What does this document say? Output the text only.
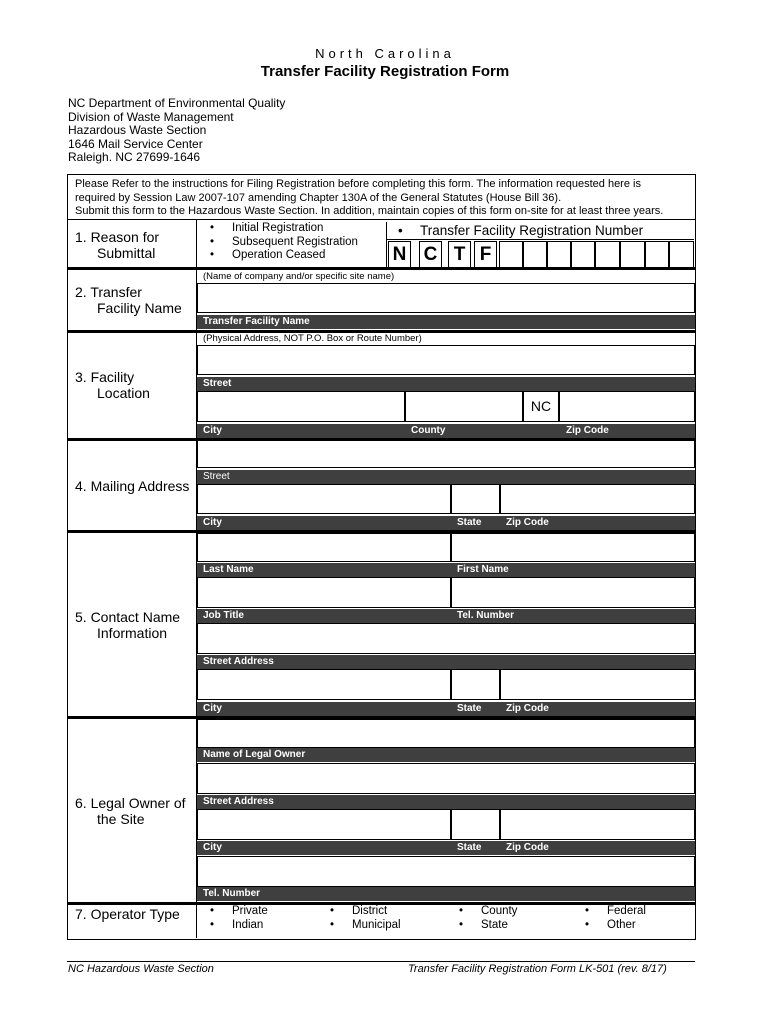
North Carolina
Transfer Facility Registration Form
NC Department of Environmental Quality
Division of Waste Management
Hazardous Waste Section
1646 Mail Service Center
Raleigh. NC 27699-1646
Please Refer to the instructions for Filing Registration before completing this form. The information requested here is
required by Session Law 2007-107 amending Chapter 130A of the General Statutes (House Bill 36).
Submit this form to the Hazardous Waste Section. In addition, maintain copies of this form on-site for at least three years.
1. Reason for
Submittal
• Initial Registration
• Subsequent Registration
• Operation Ceased
• Transfer Facility Registration Number
N C T F
2. Transfer
Facility Name
(Name of company and/or specific site name)
Transfer Facility Name
3. Facility
Location
(Physical Address, NOT P.O. Box or Route Number)
Street
NC
City	County	Zip Code
4. Mailing Address
Street
City	State Zip Code
5. Contact Name
Information
Last Name	First Name
Job Title	Tel. Number
Street Address
City	State Zip Code
6. Legal Owner of
the Site
Name of Legal Owner
Street Address
City	State Zip Code
Tel. Number
7. Operator Type	• Private	• District	• County	• Federal
• Indian	• Municipal	• State	• Other
NC Hazardous Waste Section	Transfer Facility Registration Form LK-501 (rev. 8/17)
